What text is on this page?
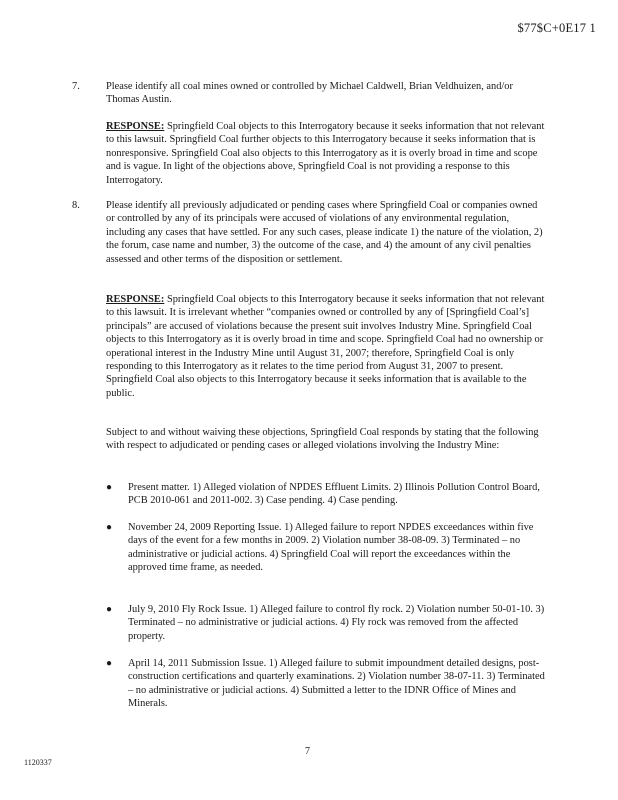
$77$C+0E17 1
7.	Please identify all coal mines owned or controlled by Michael Caldwell, Brian Veldhuizen, and/or Thomas Austin.
RESPONSE: Springfield Coal objects to this Interrogatory because it seeks information that not relevant to this lawsuit. Springfield Coal further objects to this Interrogatory because it seeks information that is nonresponsive. Springfield Coal also objects to this Interrogatory as it is overly broad in time and scope and is vague. In light of the objections above, Springfield Coal is not providing a response to this Interrogatory.
8.	Please identify all previously adjudicated or pending cases where Springfield Coal or companies owned or controlled by any of its principals were accused of violations of any environmental regulation, including any cases that have settled. For any such cases, please indicate 1) the nature of the violation, 2) the forum, case name and number, 3) the outcome of the case, and 4) the amount of any civil penalties assessed and other terms of the disposition or settlement.
RESPONSE: Springfield Coal objects to this Interrogatory because it seeks information that not relevant to this lawsuit. It is irrelevant whether “companies owned or controlled by any of [Springfield Coal’s] principals” are accused of violations because the present suit involves Industry Mine. Springfield Coal objects to this Interrogatory as it is overly broad in time and scope. Springfield Coal had no ownership or operational interest in the Industry Mine until August 31, 2007; therefore, Springfield Coal is only responding to this Interrogatory as it relates to the time period from August 31, 2007 to present. Springfield Coal also objects to this Interrogatory because it seeks information that is available to the public.
Subject to and without waiving these objections, Springfield Coal responds by stating that the following with respect to adjudicated or pending cases or alleged violations involving the Industry Mine:
● Present matter. 1) Alleged violation of NPDES Effluent Limits. 2) Illinois Pollution Control Board, PCB 2010-061 and 2011-002. 3) Case pending. 4) Case pending.
● November 24, 2009 Reporting Issue. 1) Alleged failure to report NPDES exceedances within five days of the event for a few months in 2009. 2) Violation number 38-08-09. 3) Terminated – no administrative or judicial actions. 4) Springfield Coal will report the exceedances within the approved time frame, as needed.
● July 9, 2010 Fly Rock Issue. 1) Alleged failure to control fly rock. 2) Violation number 50-01-10. 3) Terminated – no administrative or judicial actions. 4) Fly rock was removed from the affected property.
● April 14, 2011 Submission Issue. 1) Alleged failure to submit impoundment detailed designs, post-construction certifications and quarterly examinations. 2) Violation number 38-07-11. 3) Terminated – no administrative or judicial actions. 4) Submitted a letter to the IDNR Office of Mines and Minerals.
7
1120337
